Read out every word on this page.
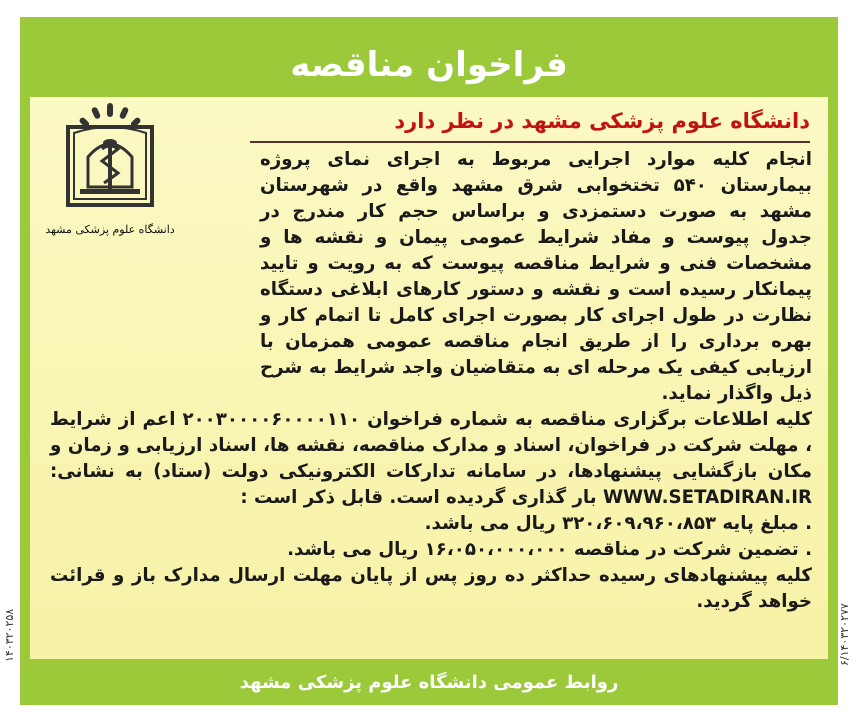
۱۴۰۳۲۰۲۵۸	۶/۱۴۰۳۲۰۲۷۷
فراخوان مناقصه
دانشگاه علوم پزشکی مشهد در نظر دارد
دانشگاه علوم پزشکی مشهد

انجام کلیه موارد اجرایی مربوط به اجرای نمای پروژه بیمارستان ۵۴۰ تختخوابی شرق مشهد واقع در شهرستان مشهد به صورت دستمزدی و براساس حجم کار مندرج در جدول پیوست و مفاد شرایط عمومی پیمان و نقشه ها و مشخصات فنی و شرایط مناقصه پیوست که به رویت و تایید پیمانکار رسیده است و نقشه و دستور کارهای ابلاغی دستگاه نظارت در طول اجرای کار بصورت اجرای کامل تا اتمام کار و بهره برداری را از طریق انجام مناقصه عمومی همزمان با ارزیابی کیفی یک مرحله ای به متقاضیان واجد شرایط به شرح ذیل واگذار نماید.

کلیه اطلاعات برگزاری مناقصه به شماره فراخوان ۲۰۰۳۰۰۰۰۶۰۰۰۰۱۱۰ اعم از شرایط ، مهلت شرکت در فراخوان، اسناد و مدارک مناقصه، نقشه ها، اسناد ارزیابی و زمان و مکان بازگشایی پیشنهادها، در سامانه تدارکات الکترونیکی دولت (ستاد) به نشانی: WWW.SETADIRAN.IR بار گذاری گردیده است. قابل ذکر است :

. مبلغ پایه ۳۲۰،۶۰۹،۹۶۰،۸۵۳ ریال می باشد.

. تضمین شرکت در مناقصه ۱۶،۰۵۰،۰۰۰،۰۰۰ ریال می باشد.

کلیه پیشنهادهای رسیده حداکثر ده روز پس از پایان مهلت ارسال مدارک باز و قرائت خواهد گردید.

روابط عمومی دانشگاه علوم پزشکی مشهد
